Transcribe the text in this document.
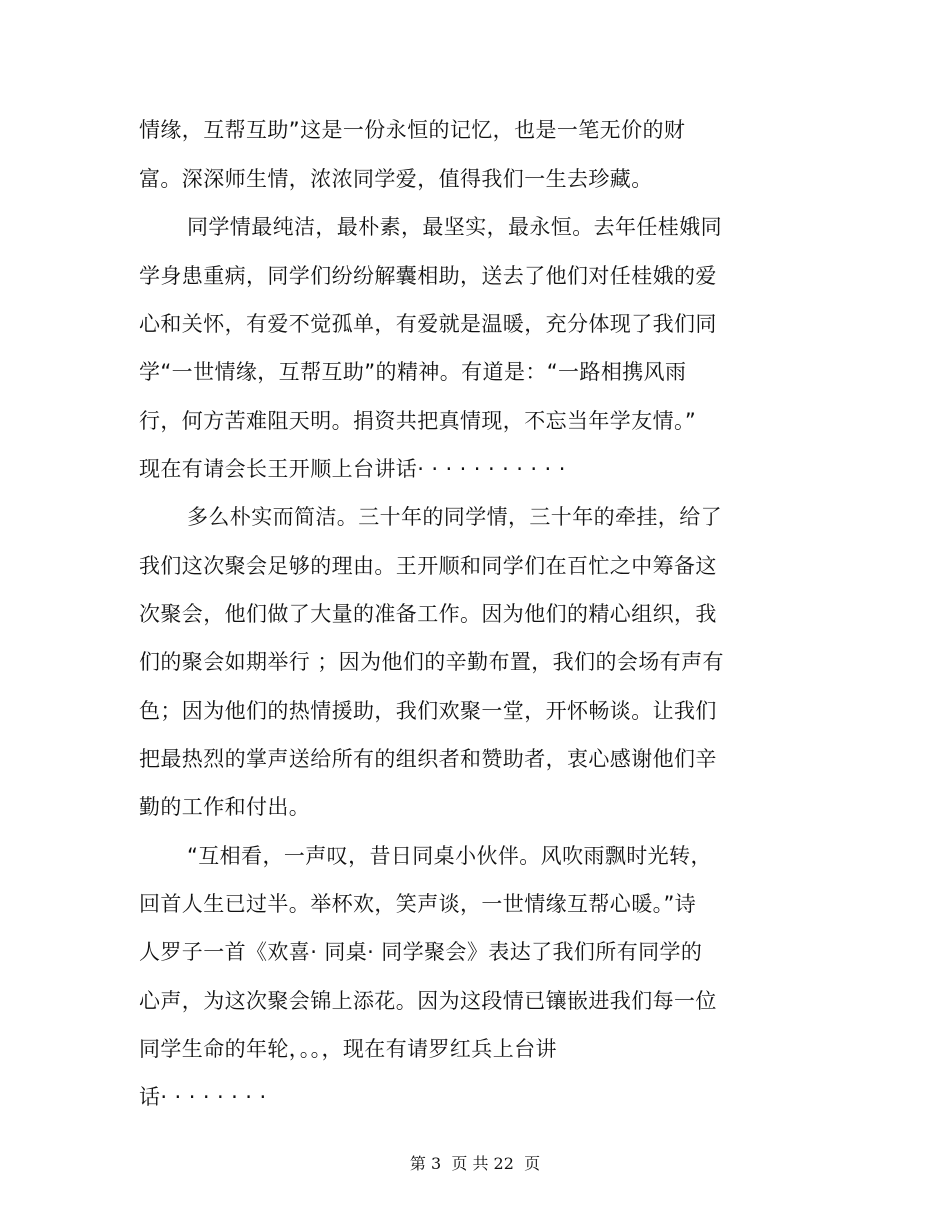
情缘，互帮互助”这是一份永恒的记忆，也是一笔无价的财
富。深深师生情，浓浓同学爱，值得我们一生去珍藏。
同学情最纯洁，最朴素，最坚实，最永恒。去年任桂娥同
学身患重病，同学们纷纷解囊相助，送去了他们对任桂娥的爱
心和关怀，有爱不觉孤单，有爱就是温暖，充分体现了我们同
学“一世情缘，互帮互助”的精神。有道是：“一路相携风雨
行，何方苦难阻天明。捐资共把真情现，不忘当年学友情。”
现在有请会长王开顺上台讲话· · · · · · · · · · ·
多么朴实而简洁。三十年的同学情，三十年的牵挂，给了
我们这次聚会足够的理由。王开顺和同学们在百忙之中筹备这
次聚会，他们做了大量的准备工作。因为他们的精心组织，我
们的聚会如期举行 ；因为他们的辛勤布置，我们的会场有声有
色；因为他们的热情援助，我们欢聚一堂，开怀畅谈。让我们
把最热烈的掌声送给所有的组织者和赞助者，衷心感谢他们辛
勤的工作和付出。
“互相看，一声叹，昔日同桌小伙伴。风吹雨飘时光转，
回首人生已过半。举杯欢，笑声谈，一世情缘互帮心暖。”诗
人罗子一首《欢喜· 同桌· 同学聚会》表达了我们所有同学的
心声，为这次聚会锦上添花。因为这段情已镶嵌进我们每一位
同学生命的年轮，。。，现在有请罗红兵上台讲
话· · · · · · · ·
第 3  页 共 22  页
